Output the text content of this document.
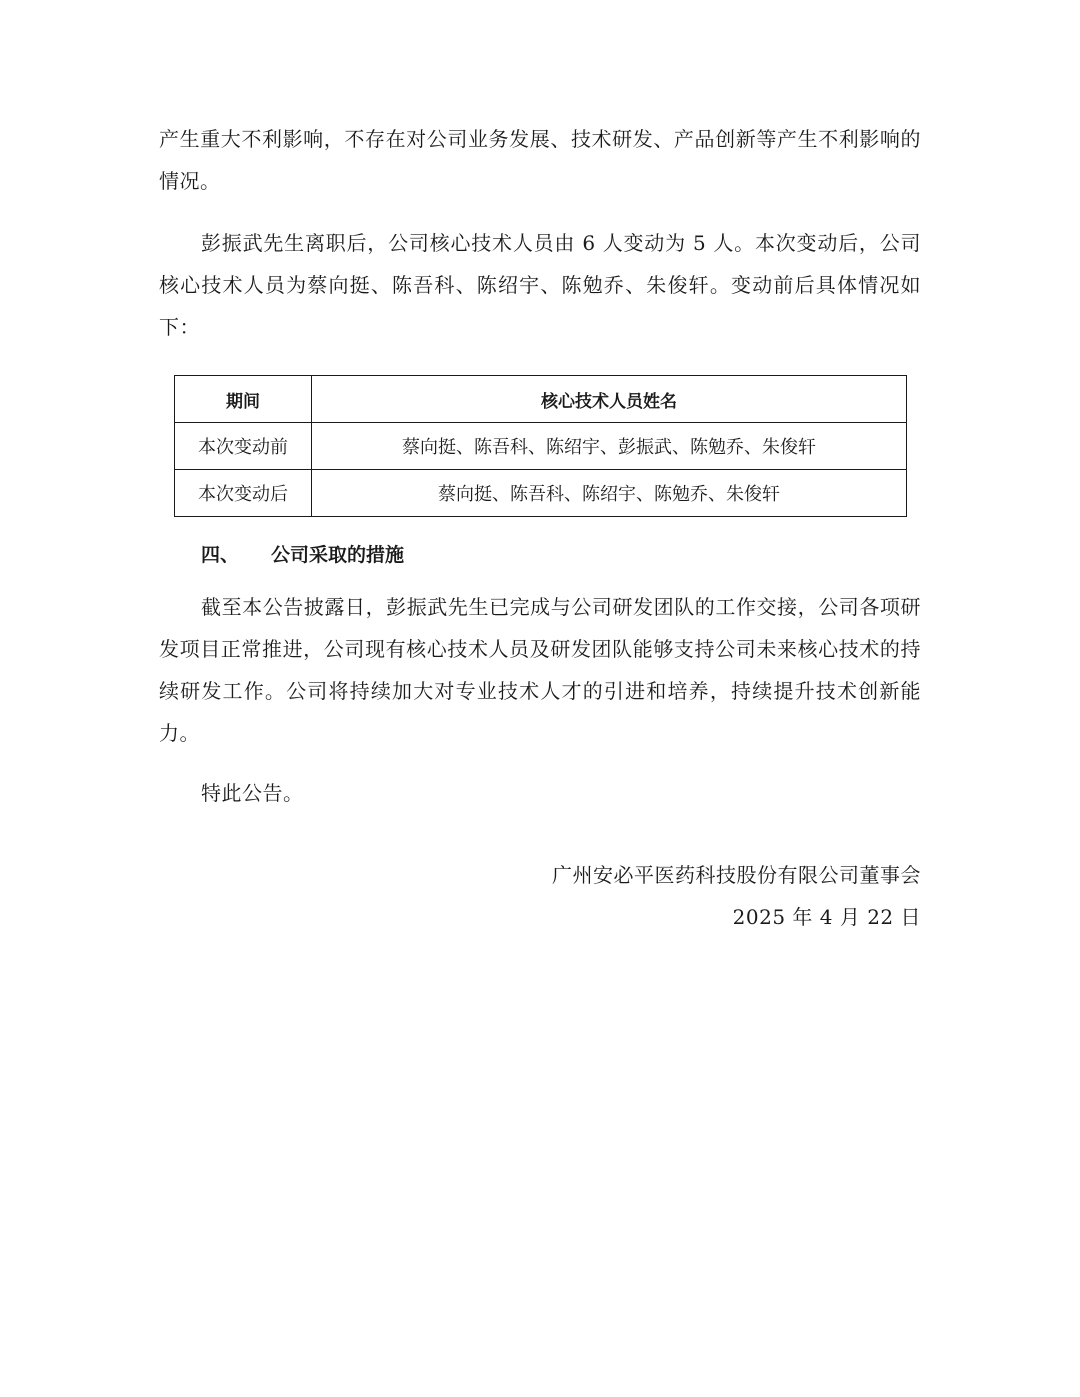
产生重大不利影响，不存在对公司业务发展、技术研发、产品创新等产生不利影响的情况。

彭振武先生离职后，公司核心技术人员由 6 人变动为 5 人。本次变动后，公司核心技术人员为蔡向挺、陈吾科、陈绍宇、陈勉乔、朱俊轩。变动前后具体情况如下：

期间	核心技术人员姓名
本次变动前	蔡向挺、陈吾科、陈绍宇、彭振武、陈勉乔、朱俊轩
本次变动后	蔡向挺、陈吾科、陈绍宇、陈勉乔、朱俊轩
四、 公司采取的措施

截至本公告披露日，彭振武先生已完成与公司研发团队的工作交接，公司各项研发项目正常推进，公司现有核心技术人员及研发团队能够支持公司未来核心技术的持续研发工作。公司将持续加大对专业技术人才的引进和培养，持续提升技术创新能力。

特此公告。

广州安必平医药科技股份有限公司董事会
2025 年 4 月 22 日
